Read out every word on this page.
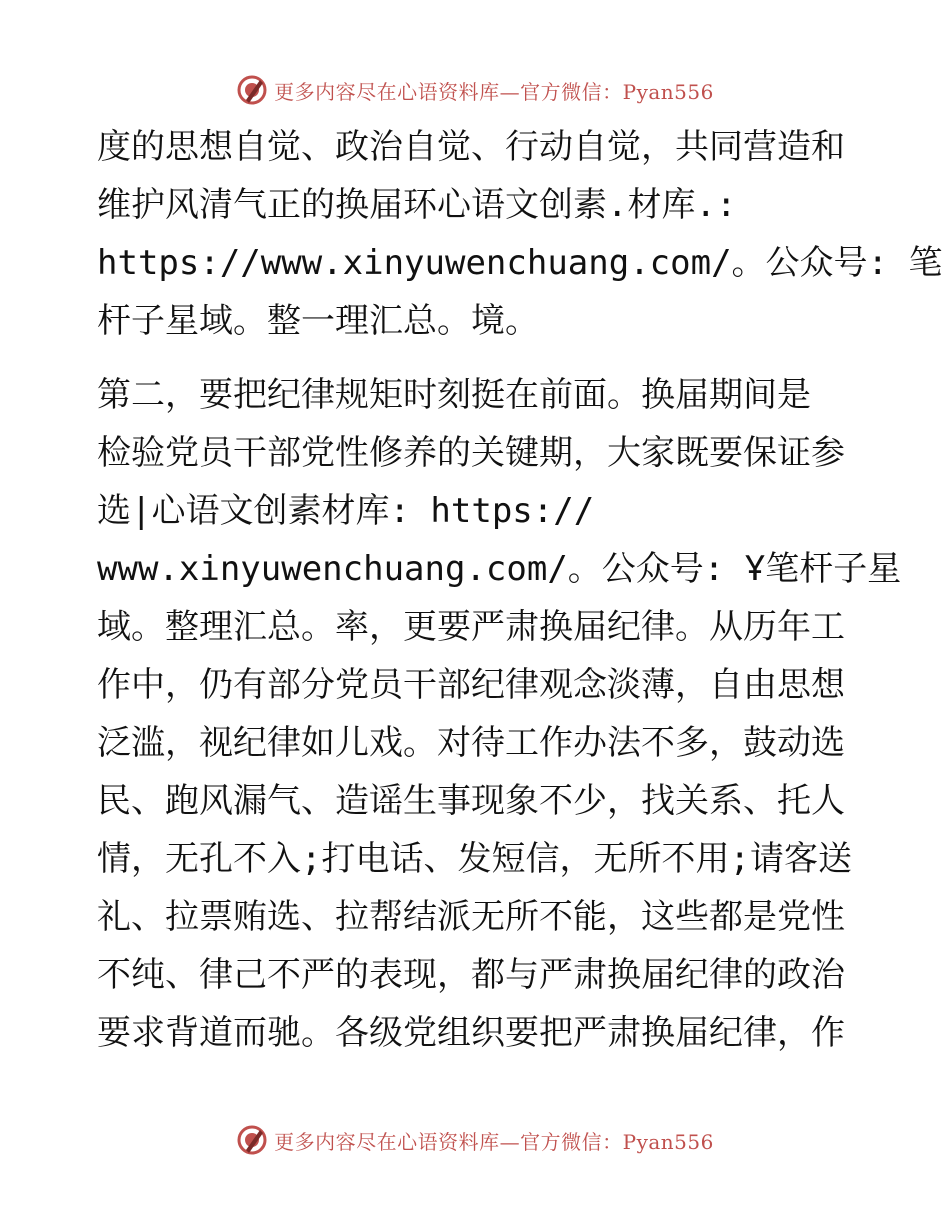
更多内容尽在心语资料库—官方微信：Pyan556
度的思想自觉、政治自觉、行动自觉，共同营造和
维护风清气正的换届环心语文创素.材库.:
https://www.xinyuwenchuang.com/。公众号: 笔
杆子星域。整一理汇总。境。
第二，要把纪律规矩时刻挺在前面。换届期间是
检验党员干部党性修养的关键期，大家既要保证参
选|心语文创素材库: https://
www.xinyuwenchuang.com/。公众号: Ұ笔杆子星
域。整理汇总。率，更要严肃换届纪律。从历年工
作中，仍有部分党员干部纪律观念淡薄，自由思想
泛滥，视纪律如儿戏。对待工作办法不多，鼓动选
民、跑风漏气、造谣生事现象不少，找关系、托人
情，无孔不入;打电话、发短信，无所不用;请客送
礼、拉票贿选、拉帮结派无所不能，这些都是党性
不纯、律己不严的表现，都与严肃换届纪律的政治
要求背道而驰。各级党组织要把严肃换届纪律，作
更多内容尽在心语资料库—官方微信：Pyan556
